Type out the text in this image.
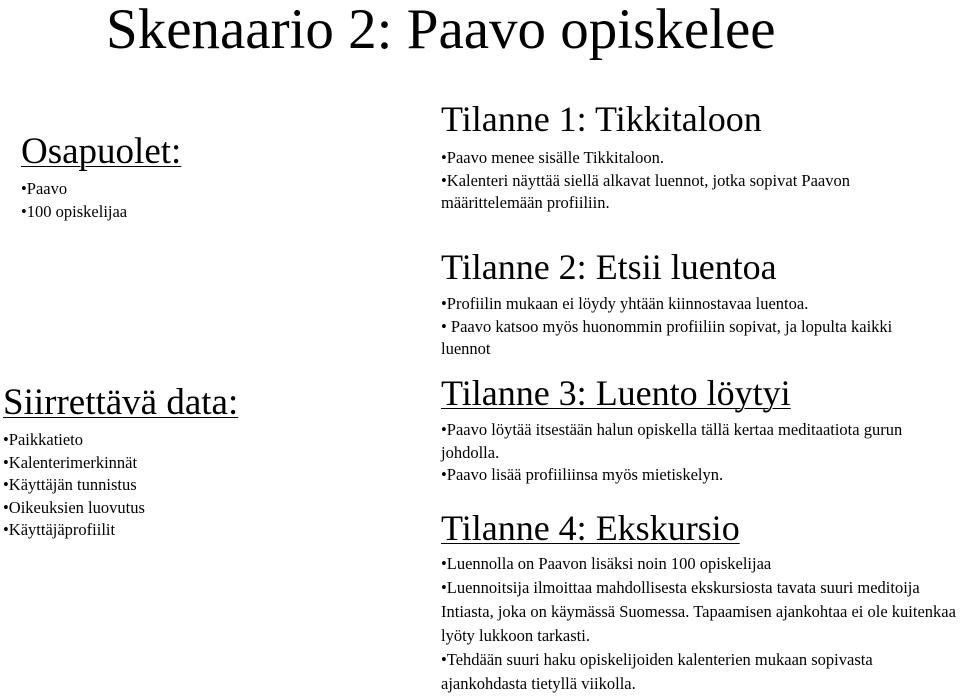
Skenaario 2: Paavo opiskelee
Osapuolet:
• Paavo
• 100 opiskelijaa
Siirrettävä data:
• Paikkatieto
• Kalenterimerkinnät
• Käyttäjän tunnistus
• Oikeuksien luovutus
• Käyttäjäprofiilit
Tilanne 1: Tikkitaloon
• Paavo menee sisälle Tikkitaloon.
• Kalenteri näyttää siellä alkavat luennot, jotka sopivat Paavon määrittelemään profiiliin.
Tilanne 2: Etsii luentoa
• Profiilin mukaan ei löydy yhtään kiinnostavaa luentoa.
• Paavo katsoo myös huonommin profiiliin sopivat, ja lopulta kaikki luennot
Tilanne 3: Luento löytyi
• Paavo löytää itsestään halun opiskella tällä kertaa meditaatiota gurun johdolla.
• Paavo lisää profiiliinsa myös mietiskelyn.
Tilanne 4: Ekskursio
• Luennolla on Paavon lisäksi noin 100 opiskelijaa
• Luennoitsija ilmoittaa mahdollisesta ekskursiosta tavata suuri meditoija Intiasta, joka on käymässä Suomessa. Tapaamisen ajankohtaa ei ole kuitenkaa lyöty lukkoon tarkasti.
• Tehdään suuri haku opiskelijoiden kalenterien mukaan sopivasta ajankohdasta tietyllä viikolla.
